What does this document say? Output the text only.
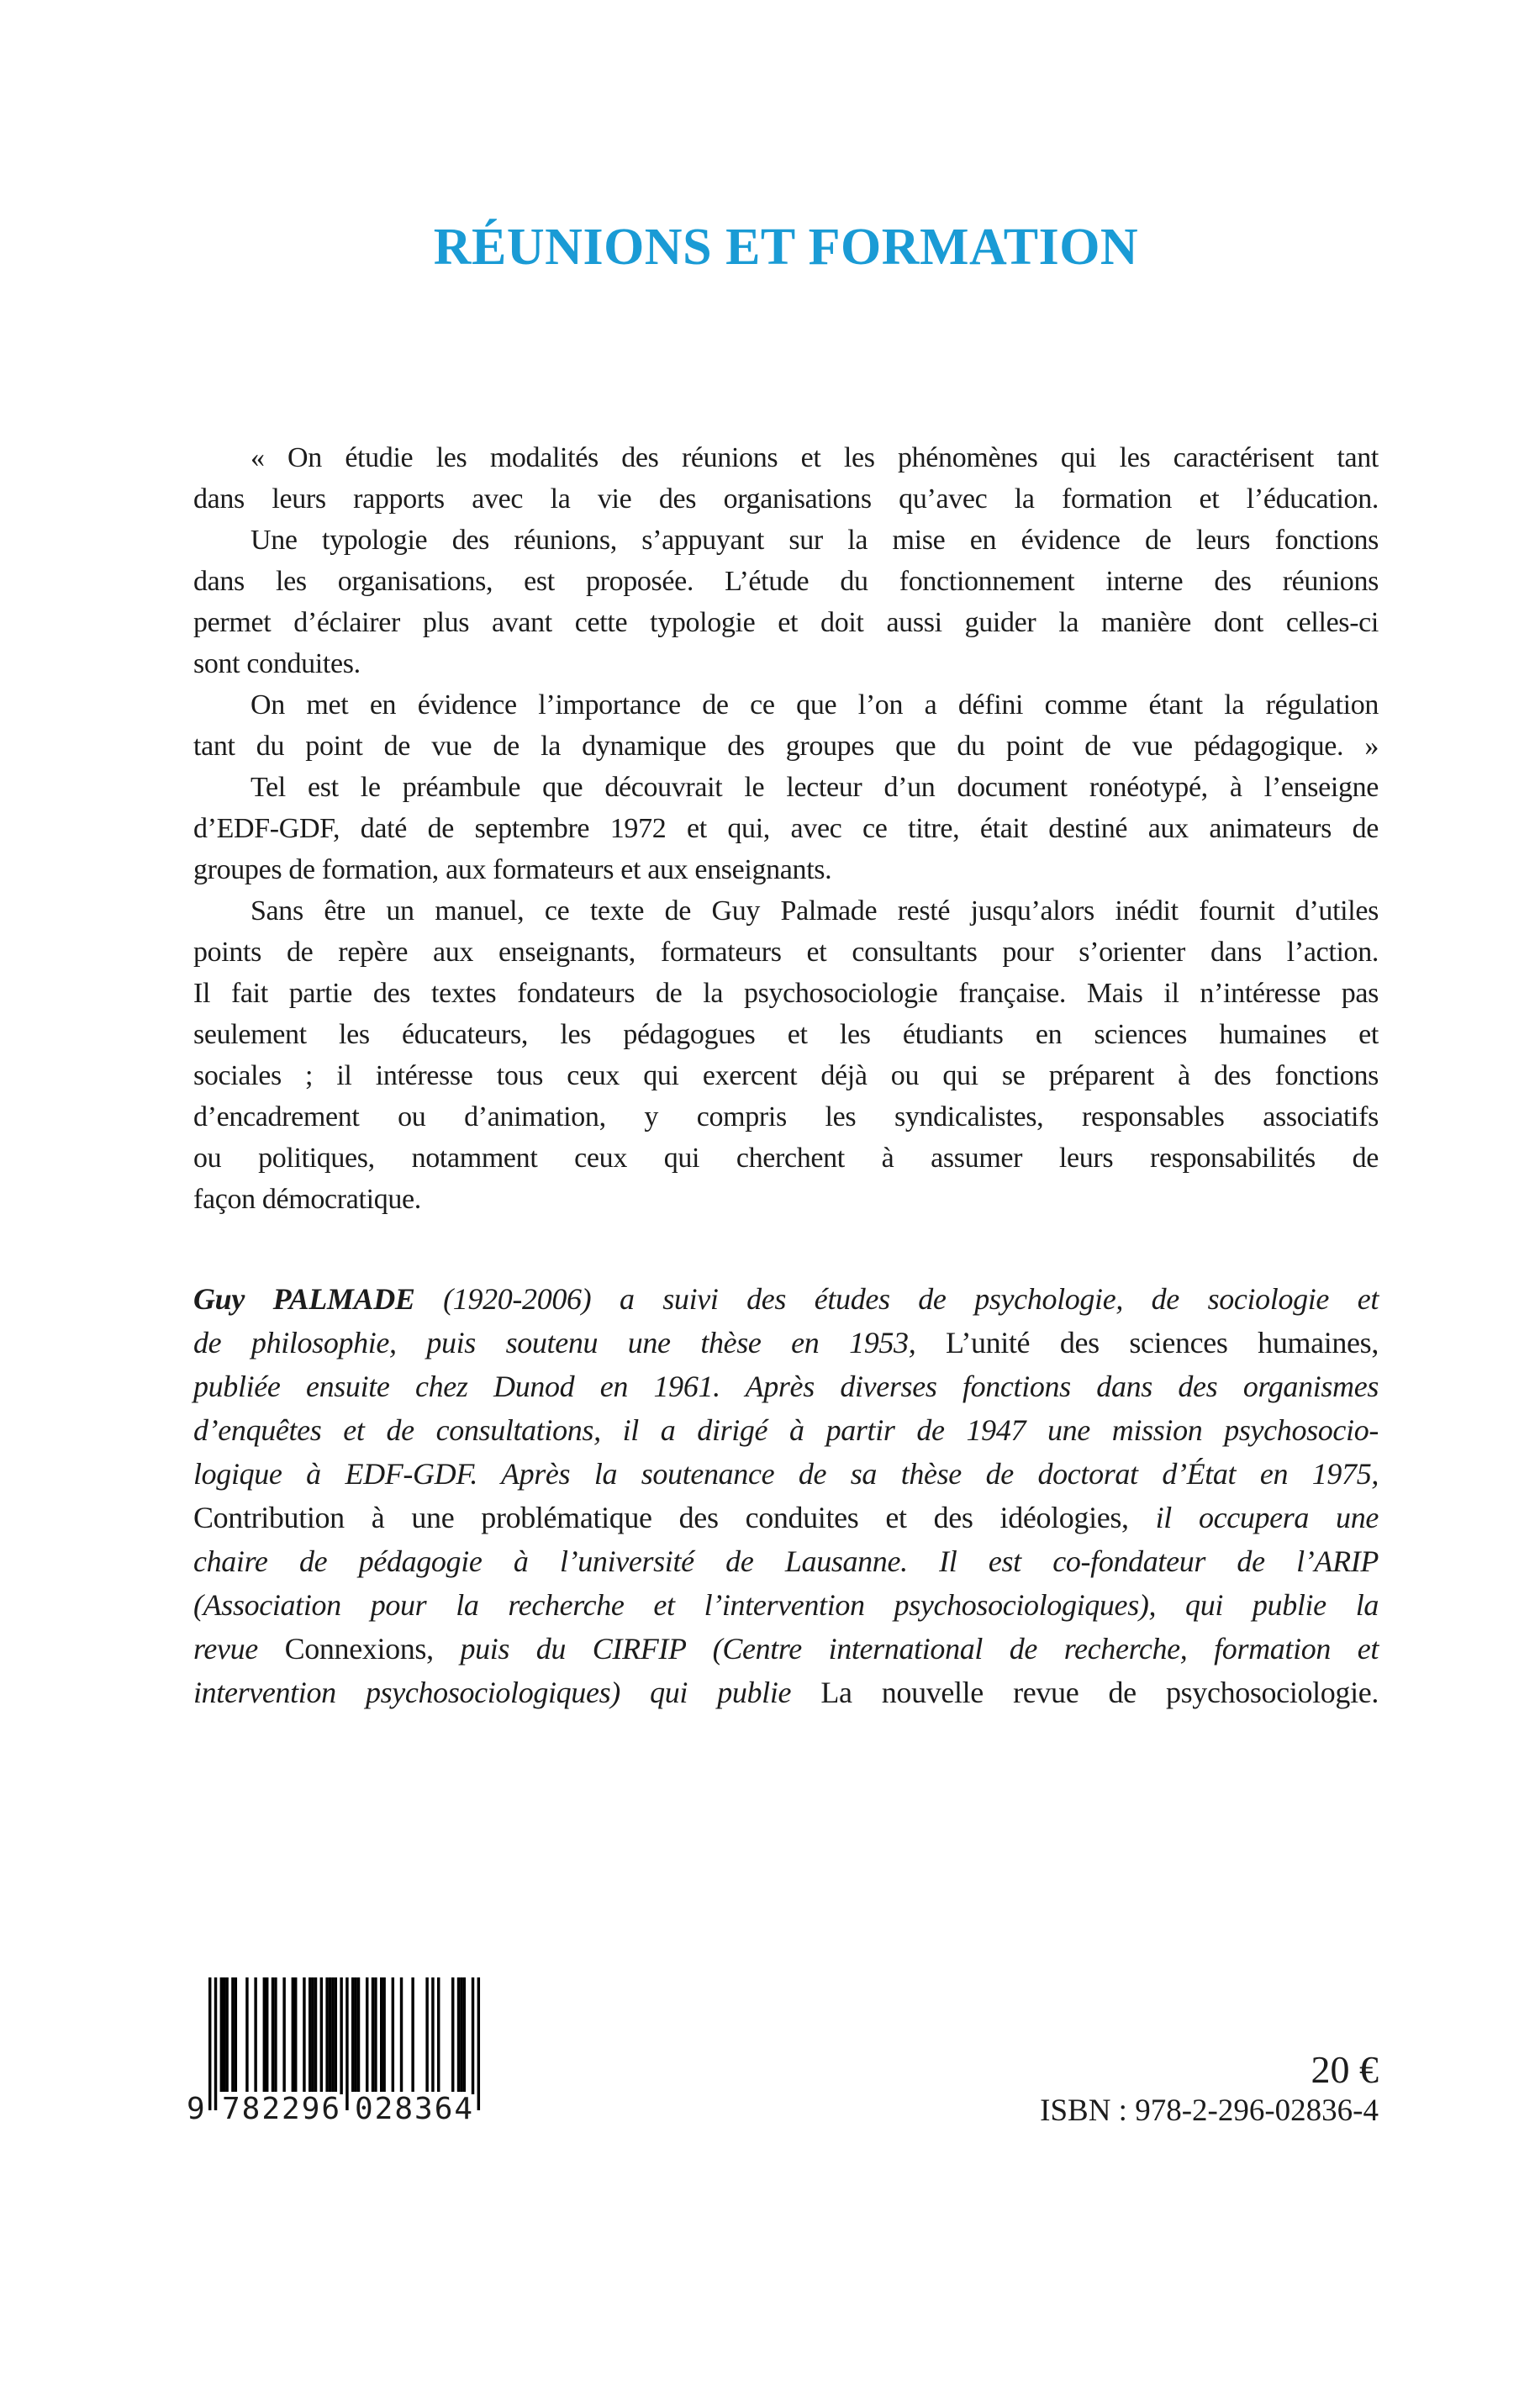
RÉUNIONS ET FORMATION
« On étudie les modalités des réunions et les phénomènes qui les caractérisent tant
dans leurs rapports avec la vie des organisations qu’avec la formation et l’éducation.
Une typologie des réunions, s’appuyant sur la mise en évidence de leurs fonctions
dans les organisations, est proposée. L’étude du fonctionnement interne des réunions
permet d’éclairer plus avant cette typologie et doit aussi guider la manière dont celles-ci
sont conduites.
On met en évidence l’importance de ce que l’on a défini comme étant la régulation
tant du point de vue de la dynamique des groupes que du point de vue pédagogique. »
Tel est le préambule que découvrait le lecteur d’un document ronéotypé, à l’enseigne
d’EDF-GDF, daté de septembre 1972 et qui, avec ce titre, était destiné aux animateurs de
groupes de formation, aux formateurs et aux enseignants.
Sans être un manuel, ce texte de Guy Palmade resté jusqu’alors inédit fournit d’utiles
points de repère aux enseignants, formateurs et consultants pour s’orienter dans l’action.
Il fait partie des textes fondateurs de la psychosociologie française. Mais il n’intéresse pas
seulement les éducateurs, les pédagogues et les étudiants en sciences humaines et
sociales ; il intéresse tous ceux qui exercent déjà ou qui se préparent à des fonctions
d’encadrement ou d’animation, y compris les syndicalistes, responsables associatifs
ou politiques, notamment ceux qui cherchent à assumer leurs responsabilités de
façon démocratique.
Guy PALMADE (1920-2006) a suivi des études de psychologie, de sociologie et
de philosophie, puis soutenu une thèse en 1953, L’unité des sciences humaines,
publiée ensuite chez Dunod en 1961. Après diverses fonctions dans des organismes
d’enquêtes et de consultations, il a dirigé à partir de 1947 une mission psychosocio-
logique à EDF-GDF. Après la soutenance de sa thèse de doctorat d’État en 1975,
Contribution à une problématique des conduites et des idéologies, il occupera une
chaire de pédagogie à l’université de Lausanne. Il est co-fondateur de l’ARIP
(Association pour la recherche et l’intervention psychosociologiques), qui publie la
revue Connexions, puis du CIRFIP (Centre international de recherche, formation et
intervention psychosociologiques) qui publie La nouvelle revue de psychosociologie.
9 782296 028364
20 €
ISBN : 978-2-296-02836-4
